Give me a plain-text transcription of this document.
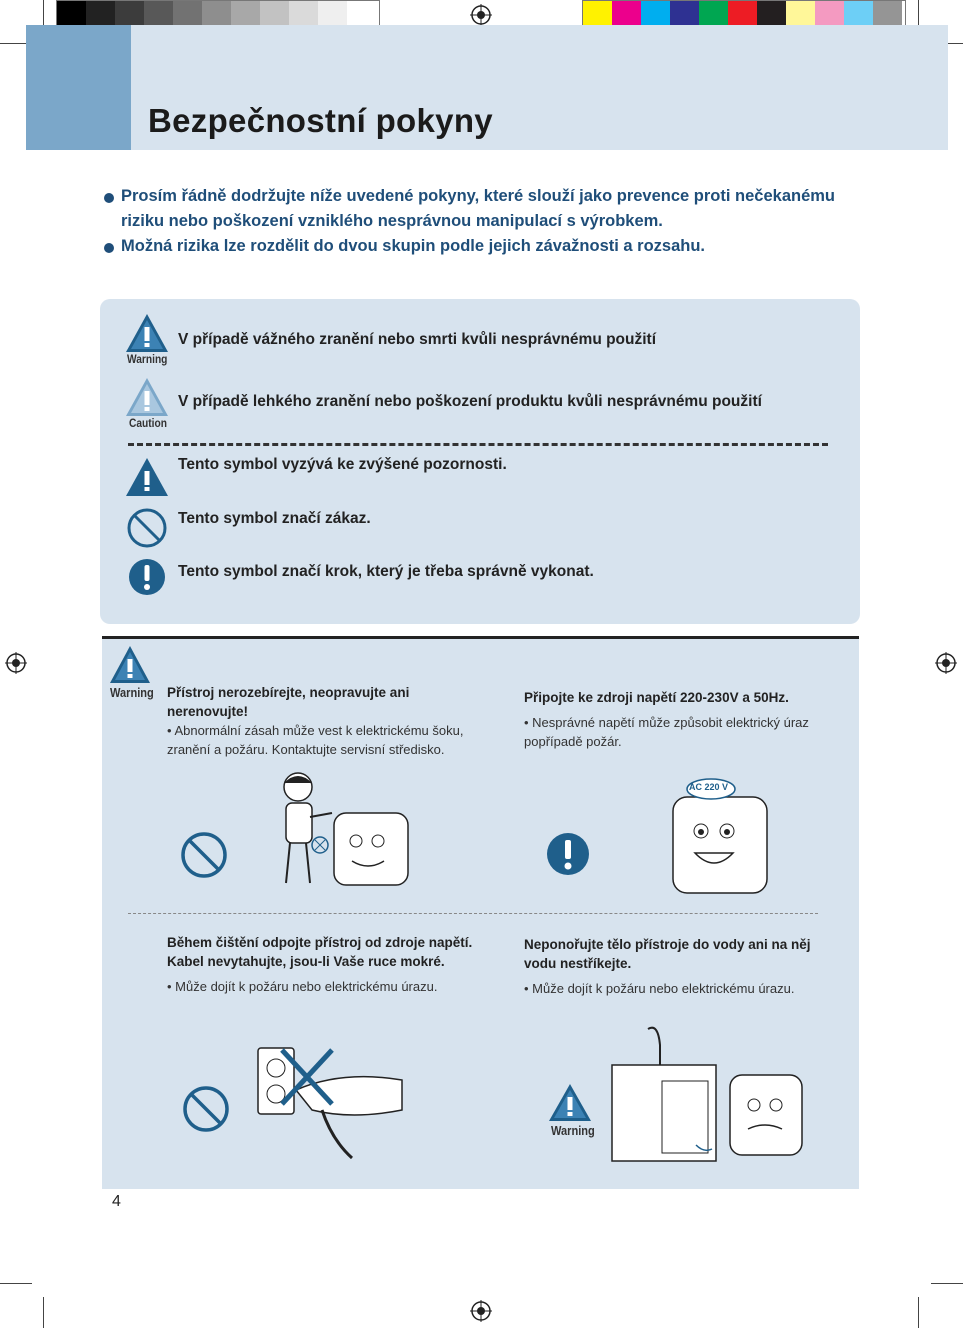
Bezpečnostní pokyny
Prosím řádně dodržujte níže uvedené pokyny, které slouží jako prevence proti nečekanému riziku nebo poškození vzniklého nesprávnou manipulací s výrobkem.
Možná rizika lze rozdělit do dvou skupin podle jejich závažnosti a rozsahu.
Warning
V případě vážného zranění nebo smrti kvůli nesprávnému použití
Caution
V případě lehkého zranění nebo poškození produktu kvůli nesprávnému použití
Tento symbol vyzývá ke zvýšené pozornosti.
Tento symbol značí zákaz.
Tento symbol značí krok, který je třeba správně vykonat.
Warning Přístroj nerozebírejte, neopravujte ani nerenovujte!
• Abnormální zásah může vest k elektrickému šoku, zranění a požáru. Kontaktujte servisní středisko.
Připojte ke zdroji napětí 220-230V a 50Hz.
• Nesprávné napětí může způsobit elektrický úraz popřípadě požár.
AC 220 V
Během čištění odpojte přístroj od zdroje napětí.
Kabel nevytahujte, jsou-li Vaše ruce mokré.
• Může dojít k požáru nebo elektrickému úrazu.
Neponořujte tělo přístroje do vody ani na něj vodu nestříkejte.
• Může dojít k požáru nebo elektrickému úrazu.
Warning
4
